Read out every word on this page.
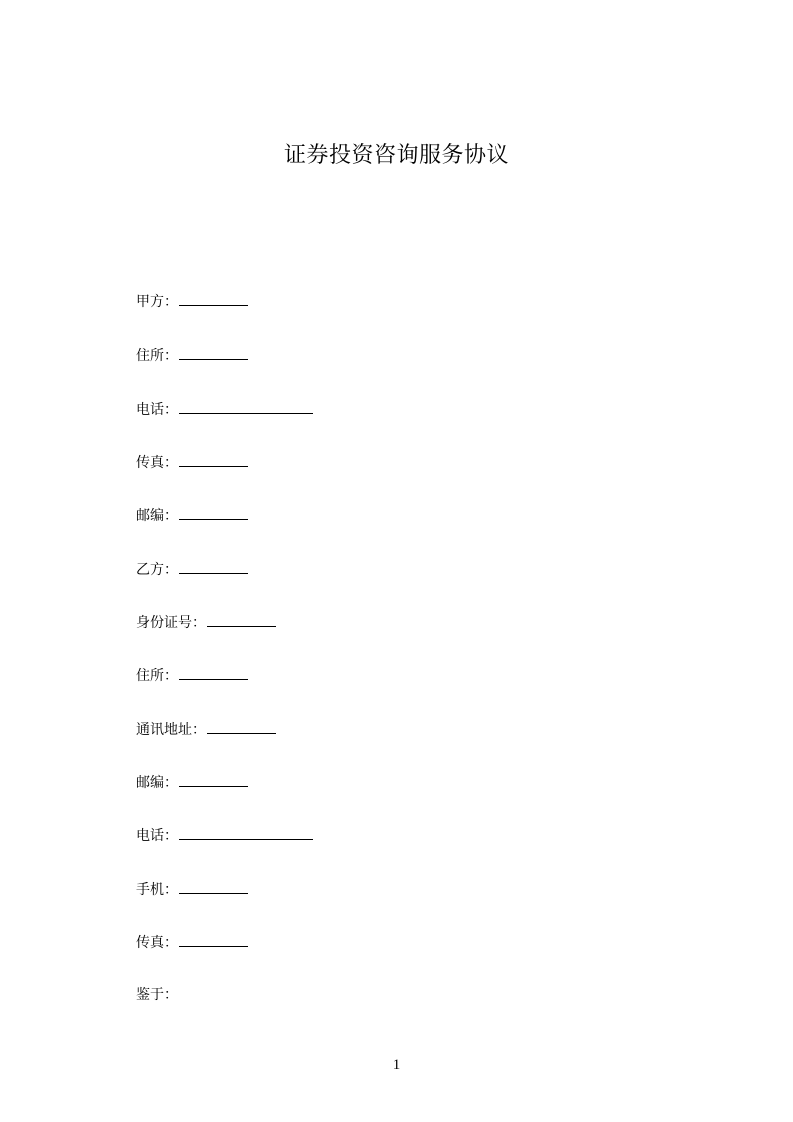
证券投资咨询服务协议
甲方：
住所：
电话：
传真：
邮编：
乙方：
身份证号：
住所：
通讯地址：
邮编：
电话：
手机：
传真：
鉴于：
1
